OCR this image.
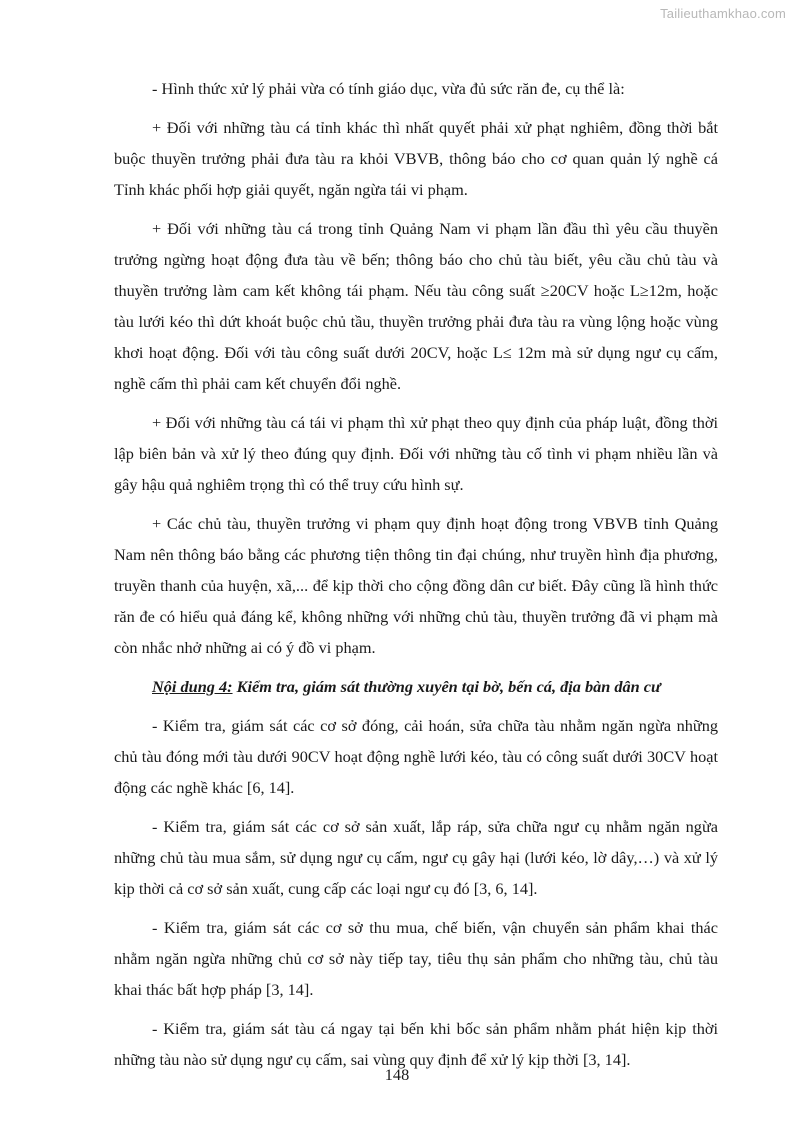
Tailieuthamkhao.com

- Hình thức xử lý phải vừa có tính giáo dục, vừa đủ sức răn đe, cụ thể là:

+ Đối với những tàu cá tỉnh khác thì nhất quyết phải xử phạt nghiêm, đồng thời bắt buộc thuyền trưởng phải đưa tàu ra khỏi VBVB, thông báo cho cơ quan quản lý nghề cá Tỉnh khác phối hợp giải quyết, ngăn ngừa tái vi phạm.

+ Đối với những tàu cá trong tỉnh Quảng Nam vi phạm lần đầu thì yêu cầu thuyền trưởng ngừng hoạt động đưa tàu về bến; thông báo cho chủ tàu biết, yêu cầu chủ tàu và thuyền trưởng làm cam kết không tái phạm. Nếu tàu công suất ≥20CV hoặc L≥12m, hoặc tàu lưới kéo thì dứt khoát buộc chủ tầu, thuyền trưởng phải đưa tàu ra vùng lộng hoặc vùng khơi hoạt động. Đối với tàu công suất dưới 20CV, hoặc L≤ 12m mà sử dụng ngư cụ cấm, nghề cấm thì phải cam kết chuyển đổi nghề.

+ Đối với những tàu cá tái vi phạm thì xử phạt theo quy định của pháp luật, đồng thời lập biên bản và xử lý theo đúng quy định. Đối với những tàu cố tình vi phạm nhiều lần và gây hậu quả nghiêm trọng thì có thể truy cứu hình sự.

+ Các chủ tàu, thuyền trưởng vi phạm quy định hoạt động trong VBVB tỉnh Quảng Nam nên thông báo bằng các phương tiện thông tin đại chúng, như truyền hình địa phương, truyền thanh của huyện, xã,... để kịp thời cho cộng đồng dân cư biết. Đây cũng lầ hình thức răn đe có hiểu quả đáng kể, không những với những chủ tàu, thuyền trưởng đã vi phạm mà còn nhắc nhở những ai có ý đồ vi phạm.

Nội dung 4: Kiểm tra, giám sát thường xuyên tại bờ, bến cá, địa bàn dân cư

- Kiểm tra, giám sát các cơ sở đóng, cải hoán, sửa chữa tàu nhằm ngăn ngừa những chủ tàu đóng mới tàu dưới 90CV hoạt động nghề lưới kéo, tàu có công suất dưới 30CV hoạt động các nghề khác [6, 14].

- Kiểm tra, giám sát các cơ sở sản xuất, lắp ráp, sửa chữa ngư cụ nhằm ngăn ngừa những chủ tàu mua sắm, sử dụng ngư cụ cấm, ngư cụ gây hại (lưới kéo, lờ dây,…) và xử lý kịp thời cả cơ sở sản xuất, cung cấp các loại ngư cụ đó [3, 6, 14].

- Kiểm tra, giám sát các cơ sở thu mua, chế biến, vận chuyển sản phẩm khai thác nhằm ngăn ngừa những chủ cơ sở này tiếp tay, tiêu thụ sản phẩm cho những tàu, chủ tàu khai thác bất hợp pháp [3, 14].

- Kiểm tra, giám sát tàu cá ngay tại bến khi bốc sản phẩm nhằm phát hiện kịp thời những tàu nào sử dụng ngư cụ cấm, sai vùng quy định để xử lý kịp thời [3, 14].

148
